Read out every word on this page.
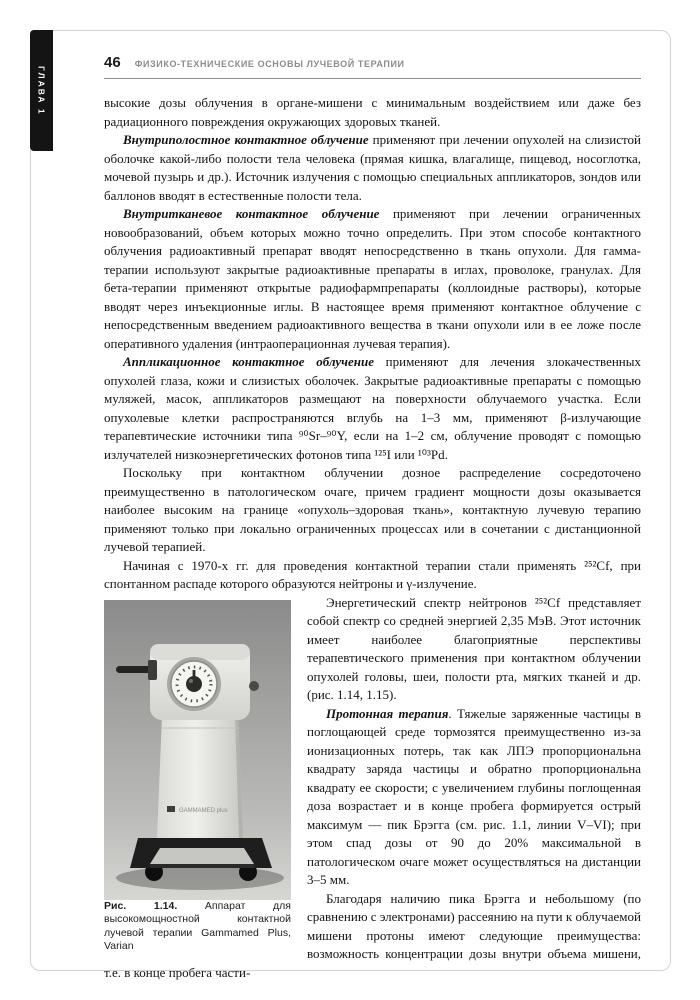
ГЛАВА 1
46 ФИЗИКО-ТЕХНИЧЕСКИЕ ОСНОВЫ ЛУЧЕВОЙ ТЕРАПИИ

высокие дозы облучения в органе-мишени с минимальным воздействием или даже без радиационного повреждения окружающих здоровых тканей.

Внутриполостное контактное облучение применяют при лечении опухолей на слизистой оболочке какой-либо полости тела человека (прямая кишка, влагалище, пищевод, носоглотка, мочевой пузырь и др.). Источник излучения с помощью специальных аппликаторов, зондов или баллонов вводят в естественные полости тела.

Внутритканевое контактное облучение применяют при лечении ограниченных новообразований, объем которых можно точно определить. При этом способе контактного облучения радиоактивный препарат вводят непосредственно в ткань опухоли. Для гамма-терапии используют закрытые радиоактивные препараты в иглах, проволоке, гранулах. Для бета-терапии применяют открытые радиофармпрепараты (коллоидные растворы), которые вводят через инъекционные иглы. В настоящее время применяют контактное облучение с непосредственным введением радиоактивного вещества в ткани опухоли или в ее ложе после оперативного удаления (интраоперационная лучевая терапия).

Аппликационное контактное облучение применяют для лечения злокачественных опухолей глаза, кожи и слизистых оболочек. Закрытые радиоактивные препараты с помощью муляжей, масок, аппликаторов размещают на поверхности облучаемого участка. Если опухолевые клетки распространяются вглубь на 1–3 мм, применяют β-излучающие терапевтические источники типа ⁹⁰Sr–⁹⁰Y, если на 1–2 см, облучение проводят с помощью излучателей низкоэнергетических фотонов типа ¹²⁵I или ¹⁰³Pd.

Поскольку при контактном облучении дозное распределение сосредоточено преимущественно в патологическом очаге, причем градиент мощности дозы оказывается наиболее высоким на границе «опухоль–здоровая ткань», контактную лучевую терапию применяют только при локально ограниченных процессах или в сочетании с дистанционной лучевой терапией.

Начиная с 1970-х гг. для проведения контактной терапии стали применять ²⁵²Cf, при спонтанном распаде которого образуются нейтроны и γ-излучение.

GAMMAMED plus

Рис. 1.14. Аппарат для высокомощностной контактной лучевой терапии Gammamed Plus, Varian

Энергетический спектр нейтронов ²⁵²Cf представляет собой спектр со средней энергией 2,35 МэВ. Этот источник имеет наиболее благоприятные перспективы терапевтического применения при контактном облучении опухолей головы, шеи, полости рта, мягких тканей и др. (рис. 1.14, 1.15).

Протонная терапия. Тяжелые заряженные частицы в поглощающей среде тормозятся преимущественно из-за ионизационных потерь, так как ЛПЭ пропорциональна квадрату заряда частицы и обратно пропорциональна квадрату ее скорости; с увеличением глубины поглощенная доза возрастает и в конце пробега формируется острый максимум — пик Брэгга (см. рис. 1.1, линии V–VI); при этом спад дозы от 90 до 20% максимальной в патологическом очаге может осуществляться на дистанции 3–5 мм.

Благодаря наличию пика Брэгга и небольшому (по сравнению с электронами) рассеянию на пути к облучаемой мишени протоны имеют следующие преимущества: возможность концентрации дозы внутри объема мишени, т.е. в конце пробега части-
